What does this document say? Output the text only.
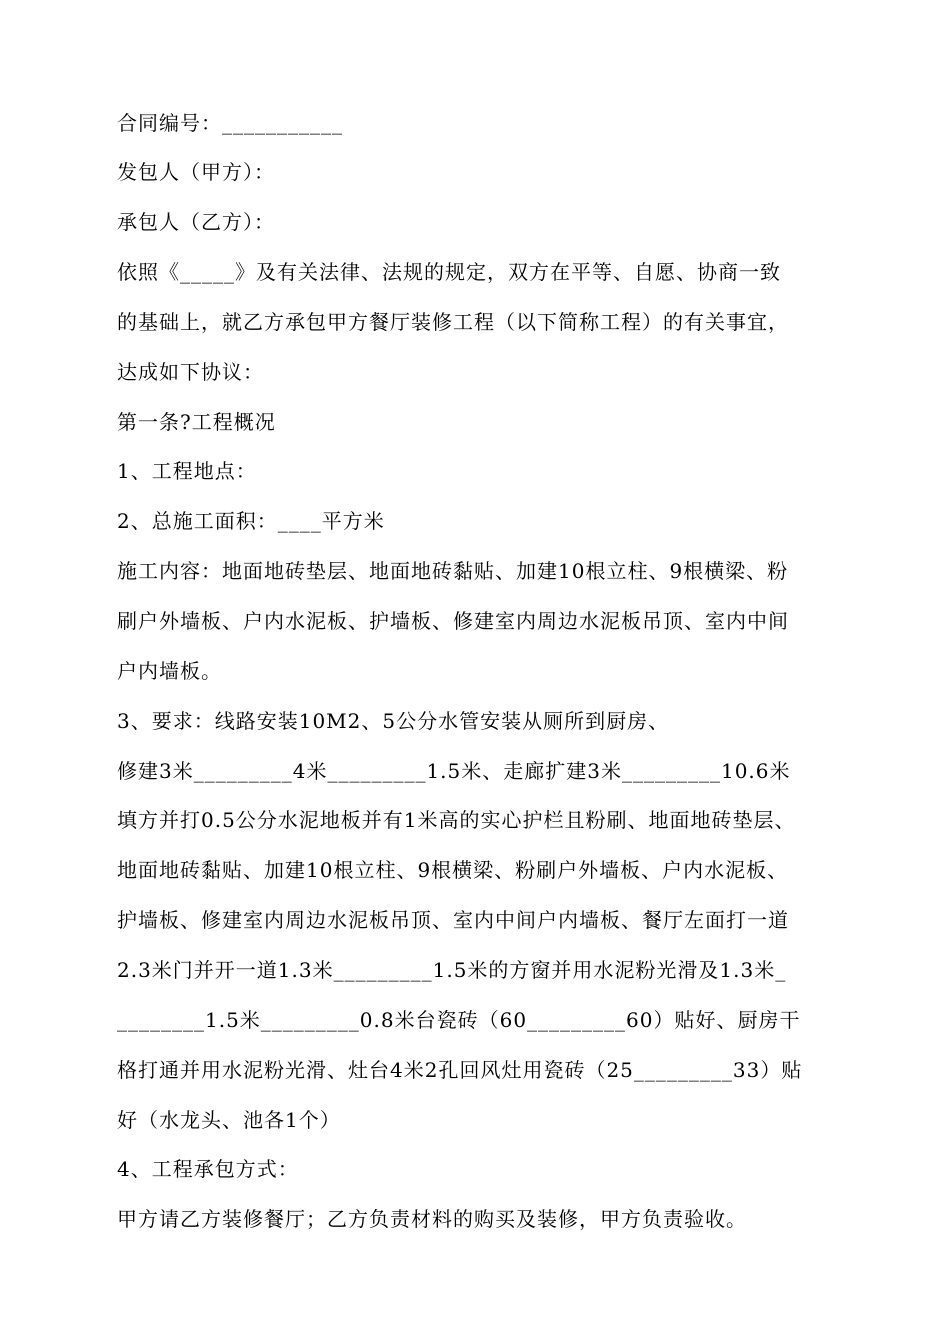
合同编号：___________
发包人（甲方）：
承包人（乙方）：
依照《_____》及有关法律、法规的规定，双方在平等、自愿、协商一致
的基础上，就乙方承包甲方餐厅装修工程（以下简称工程）的有关事宜，
达成如下协议：
第一条?工程概况
1、工程地点：
2、总施工面积：____平方米
施工内容：地面地砖垫层、地面地砖黏贴、加建10根立柱、9根横梁、粉
刷户外墙板、户内水泥板、护墙板、修建室内周边水泥板吊顶、室内中间
户内墙板。
3、要求：线路安装10M2、5公分水管安装从厕所到厨房、
修建3米_________4米_________1.5米、走廊扩建3米_________10.6米
填方并打0.5公分水泥地板并有1米高的实心护栏且粉刷、地面地砖垫层、
地面地砖黏贴、加建10根立柱、9根横梁、粉刷户外墙板、户内水泥板、
护墙板、修建室内周边水泥板吊顶、室内中间户内墙板、餐厅左面打一道
2.3米门并开一道1.3米_________1.5米的方窗并用水泥粉光滑及1.3米_
________1.5米_________0.8米台瓷砖（60_________60）贴好、厨房干
格打通并用水泥粉光滑、灶台4米2孔回风灶用瓷砖（25_________33）贴
好（水龙头、池各1个）
4、工程承包方式：
甲方请乙方装修餐厅；乙方负责材料的购买及装修，甲方负责验收。
